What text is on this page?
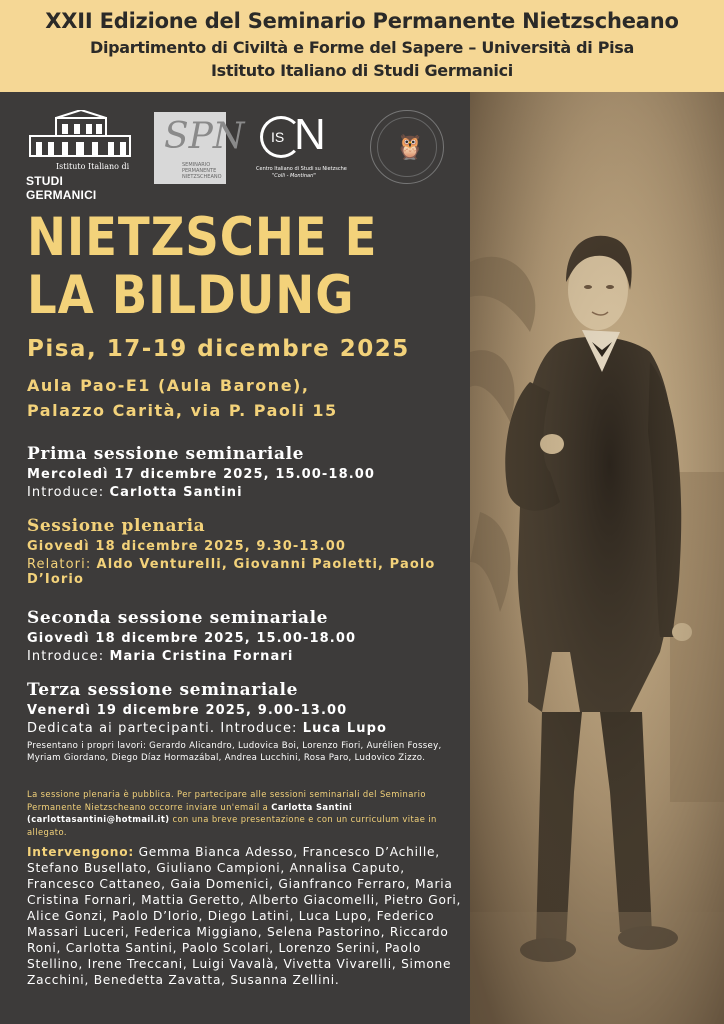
XXII Edizione del Seminario Permanente Nietzscheano
Dipartimento di Civiltà e Forme del Sapere – Università di Pisa
Istituto Italiano di Studi Germanici
Istituto Italiano di
STUDI GERMANICI
SPN
SEMINARIO PERMANENTE NIETZSCHEANO
IS N
Centro Italiano di Studi su Nietzsche
"Colli - Montinari"
🦉
NIETZSCHE E
LA BILDUNG
Pisa, 17-19 dicembre 2025
Aula Pao-E1 (Aula Barone),
Palazzo Carità, via P. Paoli 15
Prima sessione seminariale
Mercoledì 17 dicembre 2025, 15.00-18.00
Introduce: Carlotta Santini
Sessione plenaria
Giovedì 18 dicembre 2025, 9.30-13.00
Relatori: Aldo Venturelli, Giovanni Paoletti, Paolo D’Iorio
Seconda sessione seminariale
Giovedì 18 dicembre 2025, 15.00-18.00
Introduce: Maria Cristina Fornari
Terza sessione seminariale
Venerdì 19 dicembre 2025, 9.00-13.00
Dedicata ai partecipanti. Introduce: Luca Lupo
Presentano i propri lavori: Gerardo Alicandro, Ludovica Boi, Lorenzo Fiori, Aurélien Fossey, Myriam Giordano, Diego Díaz Hormazábal, Andrea Lucchini, Rosa Paro, Ludovico Zizzo.
La sessione plenaria è pubblica. Per partecipare alle sessioni seminariali del Seminario Permanente Nietzscheano occorre inviare un'email a Carlotta Santini (carlottasantini@hotmail.it) con una breve presentazione e con un curriculum vitae in allegato.
Intervengono: Gemma Bianca Adesso, Francesco D’Achille, Stefano Busellato, Giuliano Campioni, Annalisa Caputo, Francesco Cattaneo, Gaia Domenici, Gianfranco Ferraro, Maria Cristina Fornari, Mattia Geretto, Alberto Giacomelli, Pietro Gori, Alice Gonzi, Paolo D’Iorio, Diego Latini, Luca Lupo, Federico Massari Luceri, Federica Miggiano, Selena Pastorino, Riccardo Roni, Carlotta Santini, Paolo Scolari, Lorenzo Serini, Paolo Stellino, Irene Treccani, Luigi Vavalà, Vivetta Vivarelli, Simone Zacchini, Benedetta Zavatta, Susanna Zellini.
